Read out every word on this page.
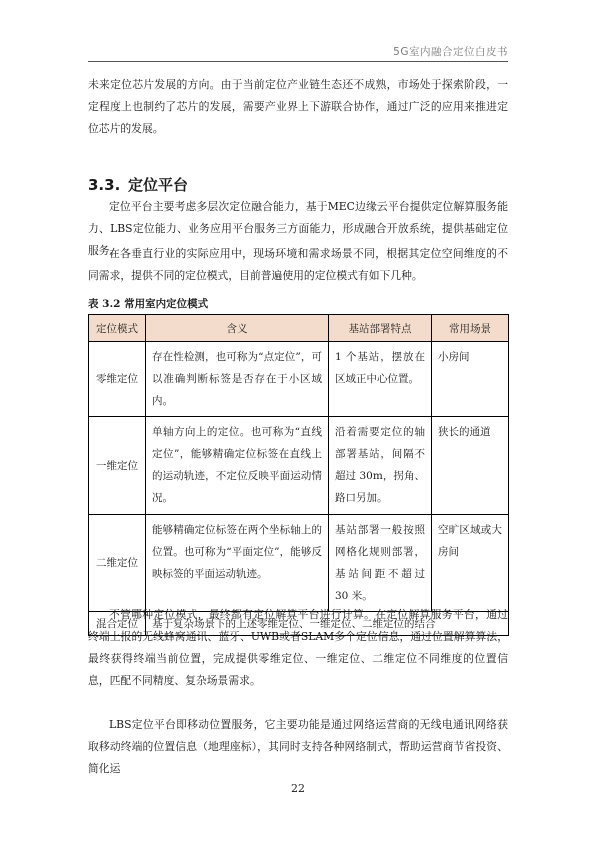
5G室内融合定位白皮书

未来定位芯片发展的方向。由于当前定位产业链生态还不成熟，市场处于探索阶段，一定程度上也制约了芯片的发展，需要产业界上下游联合协作，通过广泛的应用来推进定位芯片的发展。

3.3. 定位平台

定位平台主要考虑多层次定位融合能力，基于MEC边缘云平台提供定位解算服务能力、LBS定位能力、业务应用平台服务三方面能力，形成融合开放系统，提供基础定位服务。

在各垂直行业的实际应用中，现场环境和需求场景不同，根据其定位空间维度的不同需求，提供不同的定位模式，目前普遍使用的定位模式有如下几种。

表 3.2 常用室内定位模式
定位模式	含义	基站部署特点	常用场景
零维定位	存在性检测，也可称为“点定位”，可以准确判断标签是否存在于小区域内。	1 个基站，摆放在区域正中心位置。	小房间
一维定位	单轴方向上的定位。也可称为“直线定位”，能够精确定位标签在直线上的运动轨迹，不定位反映平面运动情况。	沿着需要定位的轴部署基站，间隔不超过 30m，拐角、路口另加。	狭长的通道
二维定位	能够精确定位标签在两个坐标轴上的位置。也可称为“平面定位”，能够反映标签的平面运动轨迹。	基站部署一般按照网格化规则部署，基站间距不超过 30 米。	空旷区域或大房间
混合定位	基于复杂场景下的上述零维定位、一维定位、二维定位的结合		

不管哪种定位模式，最终都有定位解算平台进行计算。在定位解算服务平台，通过终端上报的无线蜂窝通讯、蓝牙、UWB或者SLAM多个定位信息，通过位置解算算法，最终获得终端当前位置，完成提供零维定位、一维定位、二维定位不同维度的位置信息，匹配不同精度、复杂场景需求。

LBS定位平台即移动位置服务，它主要功能是通过网络运营商的无线电通讯网络获取移动终端的位置信息（地理座标），其同时支持各种网络制式，帮助运营商节省投资、简化运

22
